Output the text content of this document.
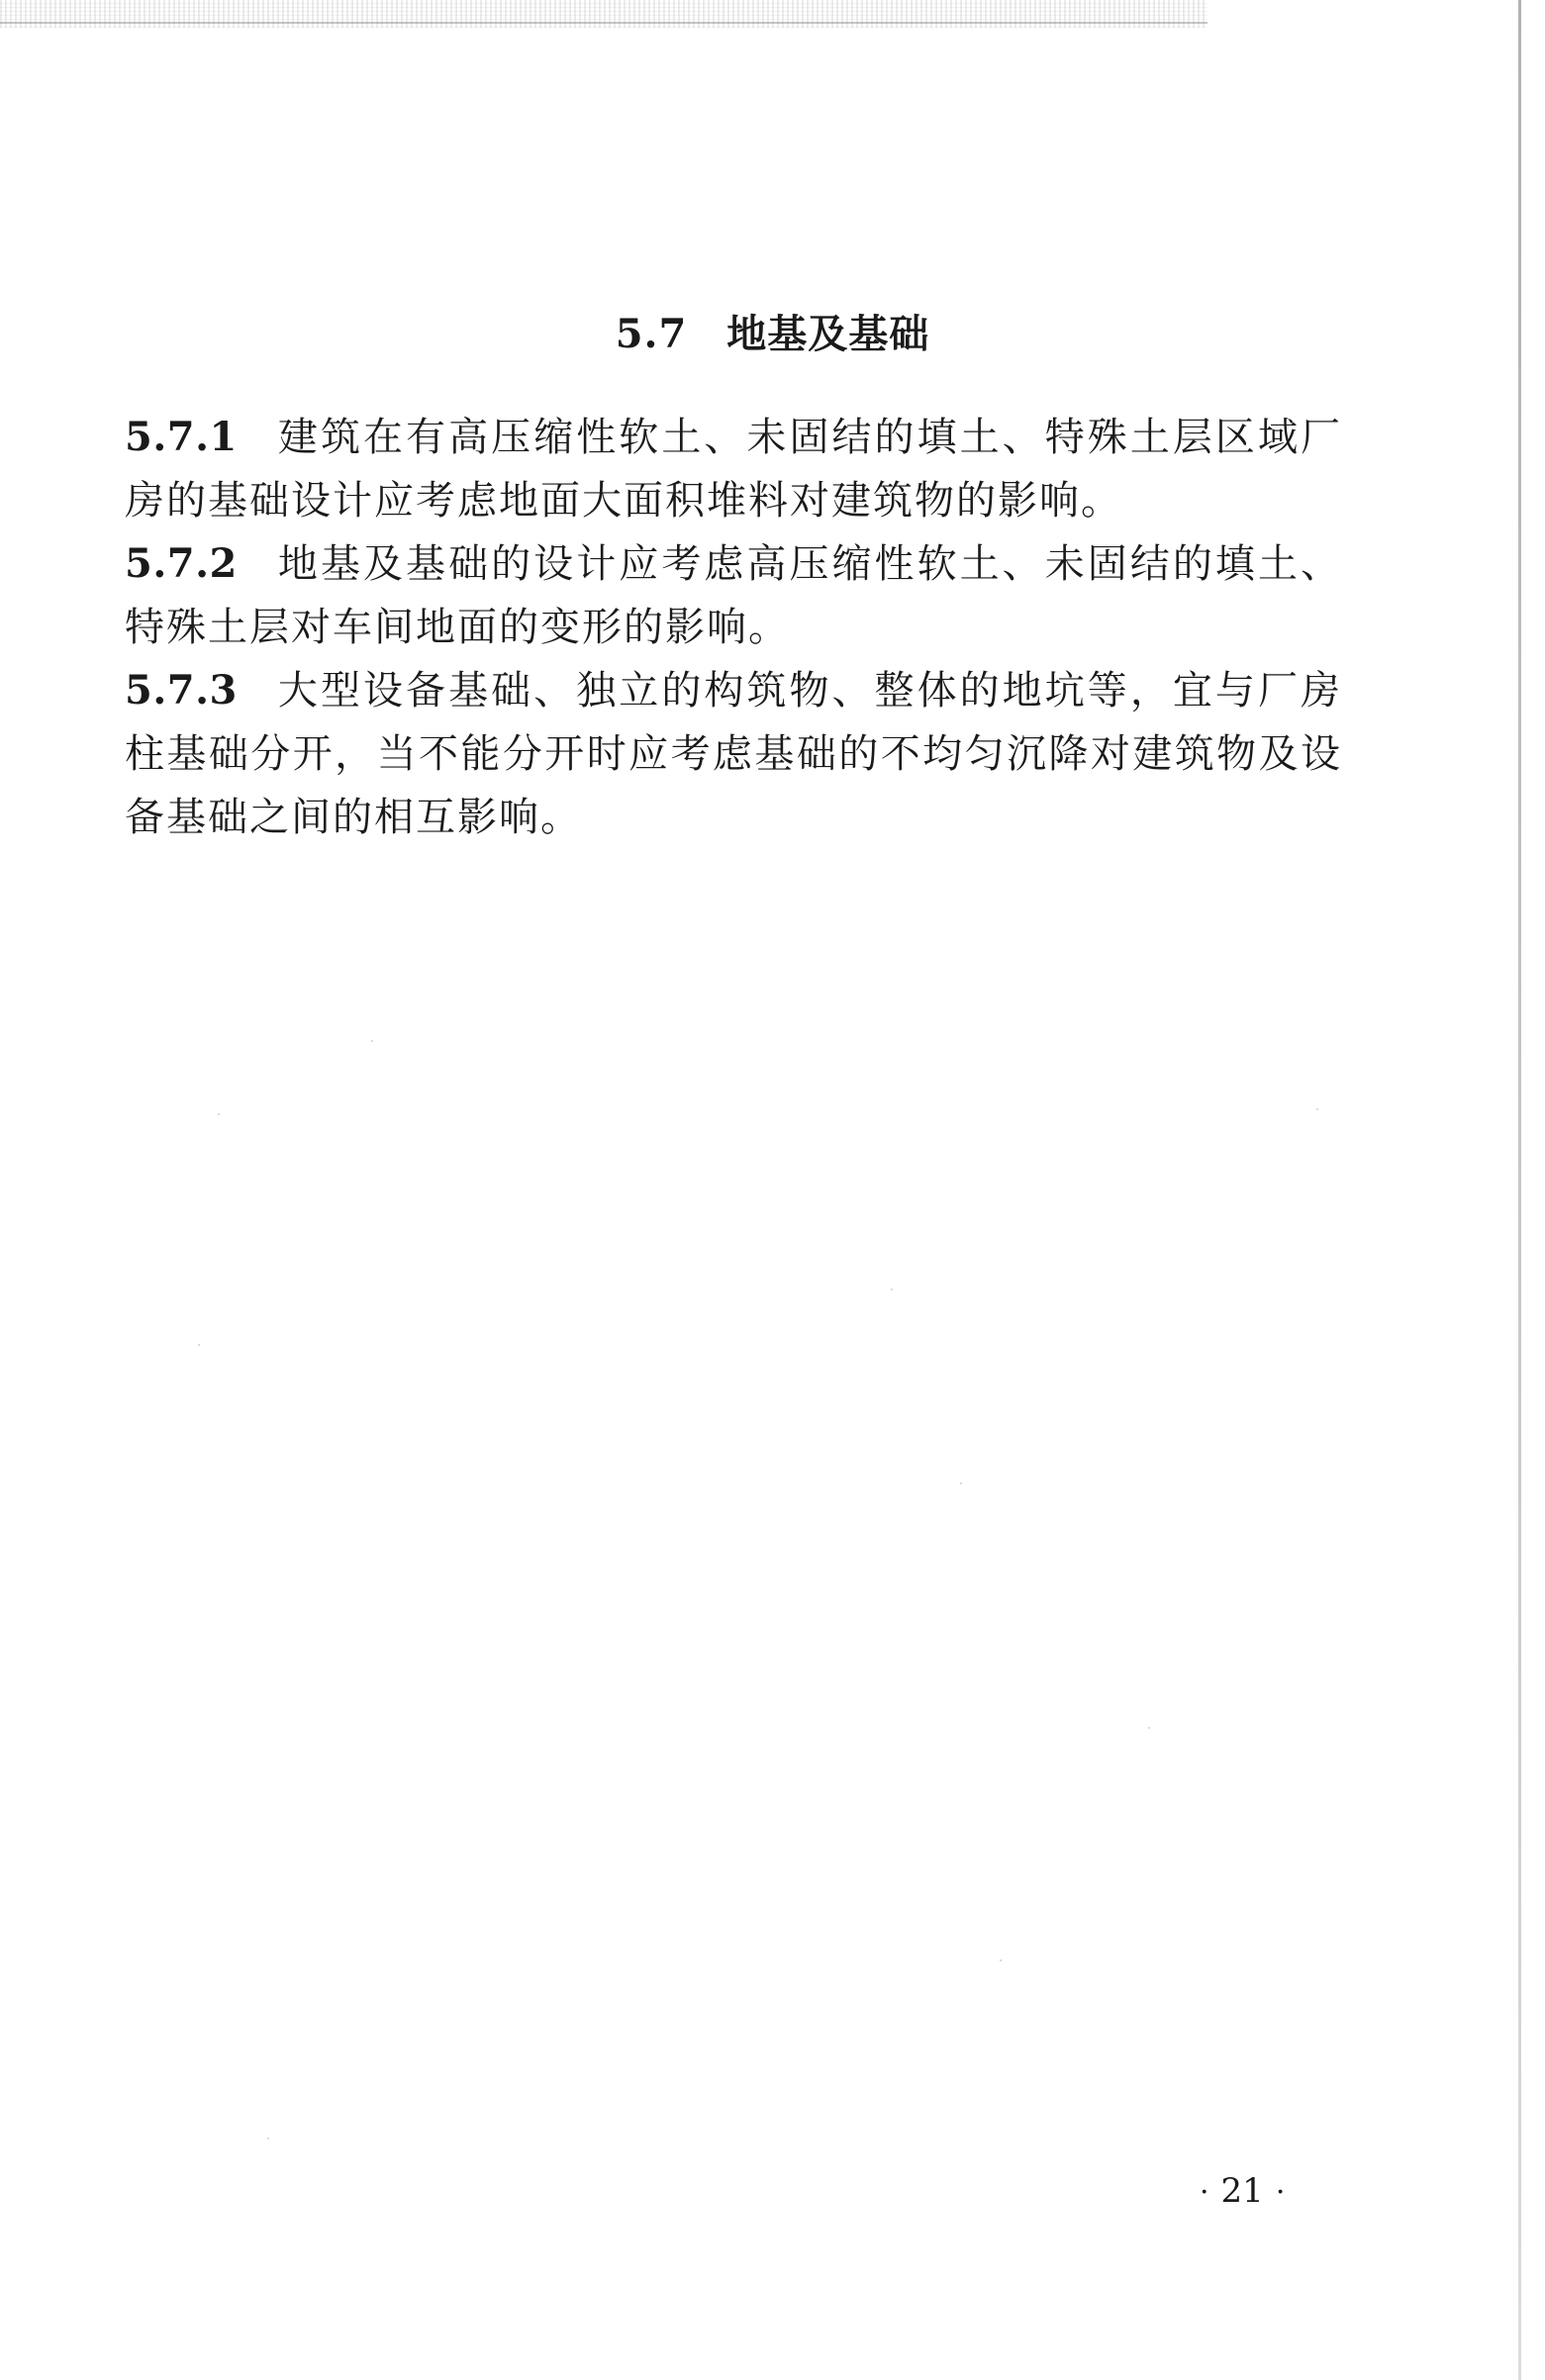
5.7 地基及基础
5.7.1 建筑在有高压缩性软土、未固结的填土、特殊土层区域厂房的基础设计应考虑地面大面积堆料对建筑物的影响。
5.7.2 地基及基础的设计应考虑高压缩性软土、未固结的填土、特殊土层对车间地面的变形的影响。
5.7.3 大型设备基础、独立的构筑物、整体的地坑等，宜与厂房柱基础分开，当不能分开时应考虑基础的不均匀沉降对建筑物及设备基础之间的相互影响。
· 21 ·
